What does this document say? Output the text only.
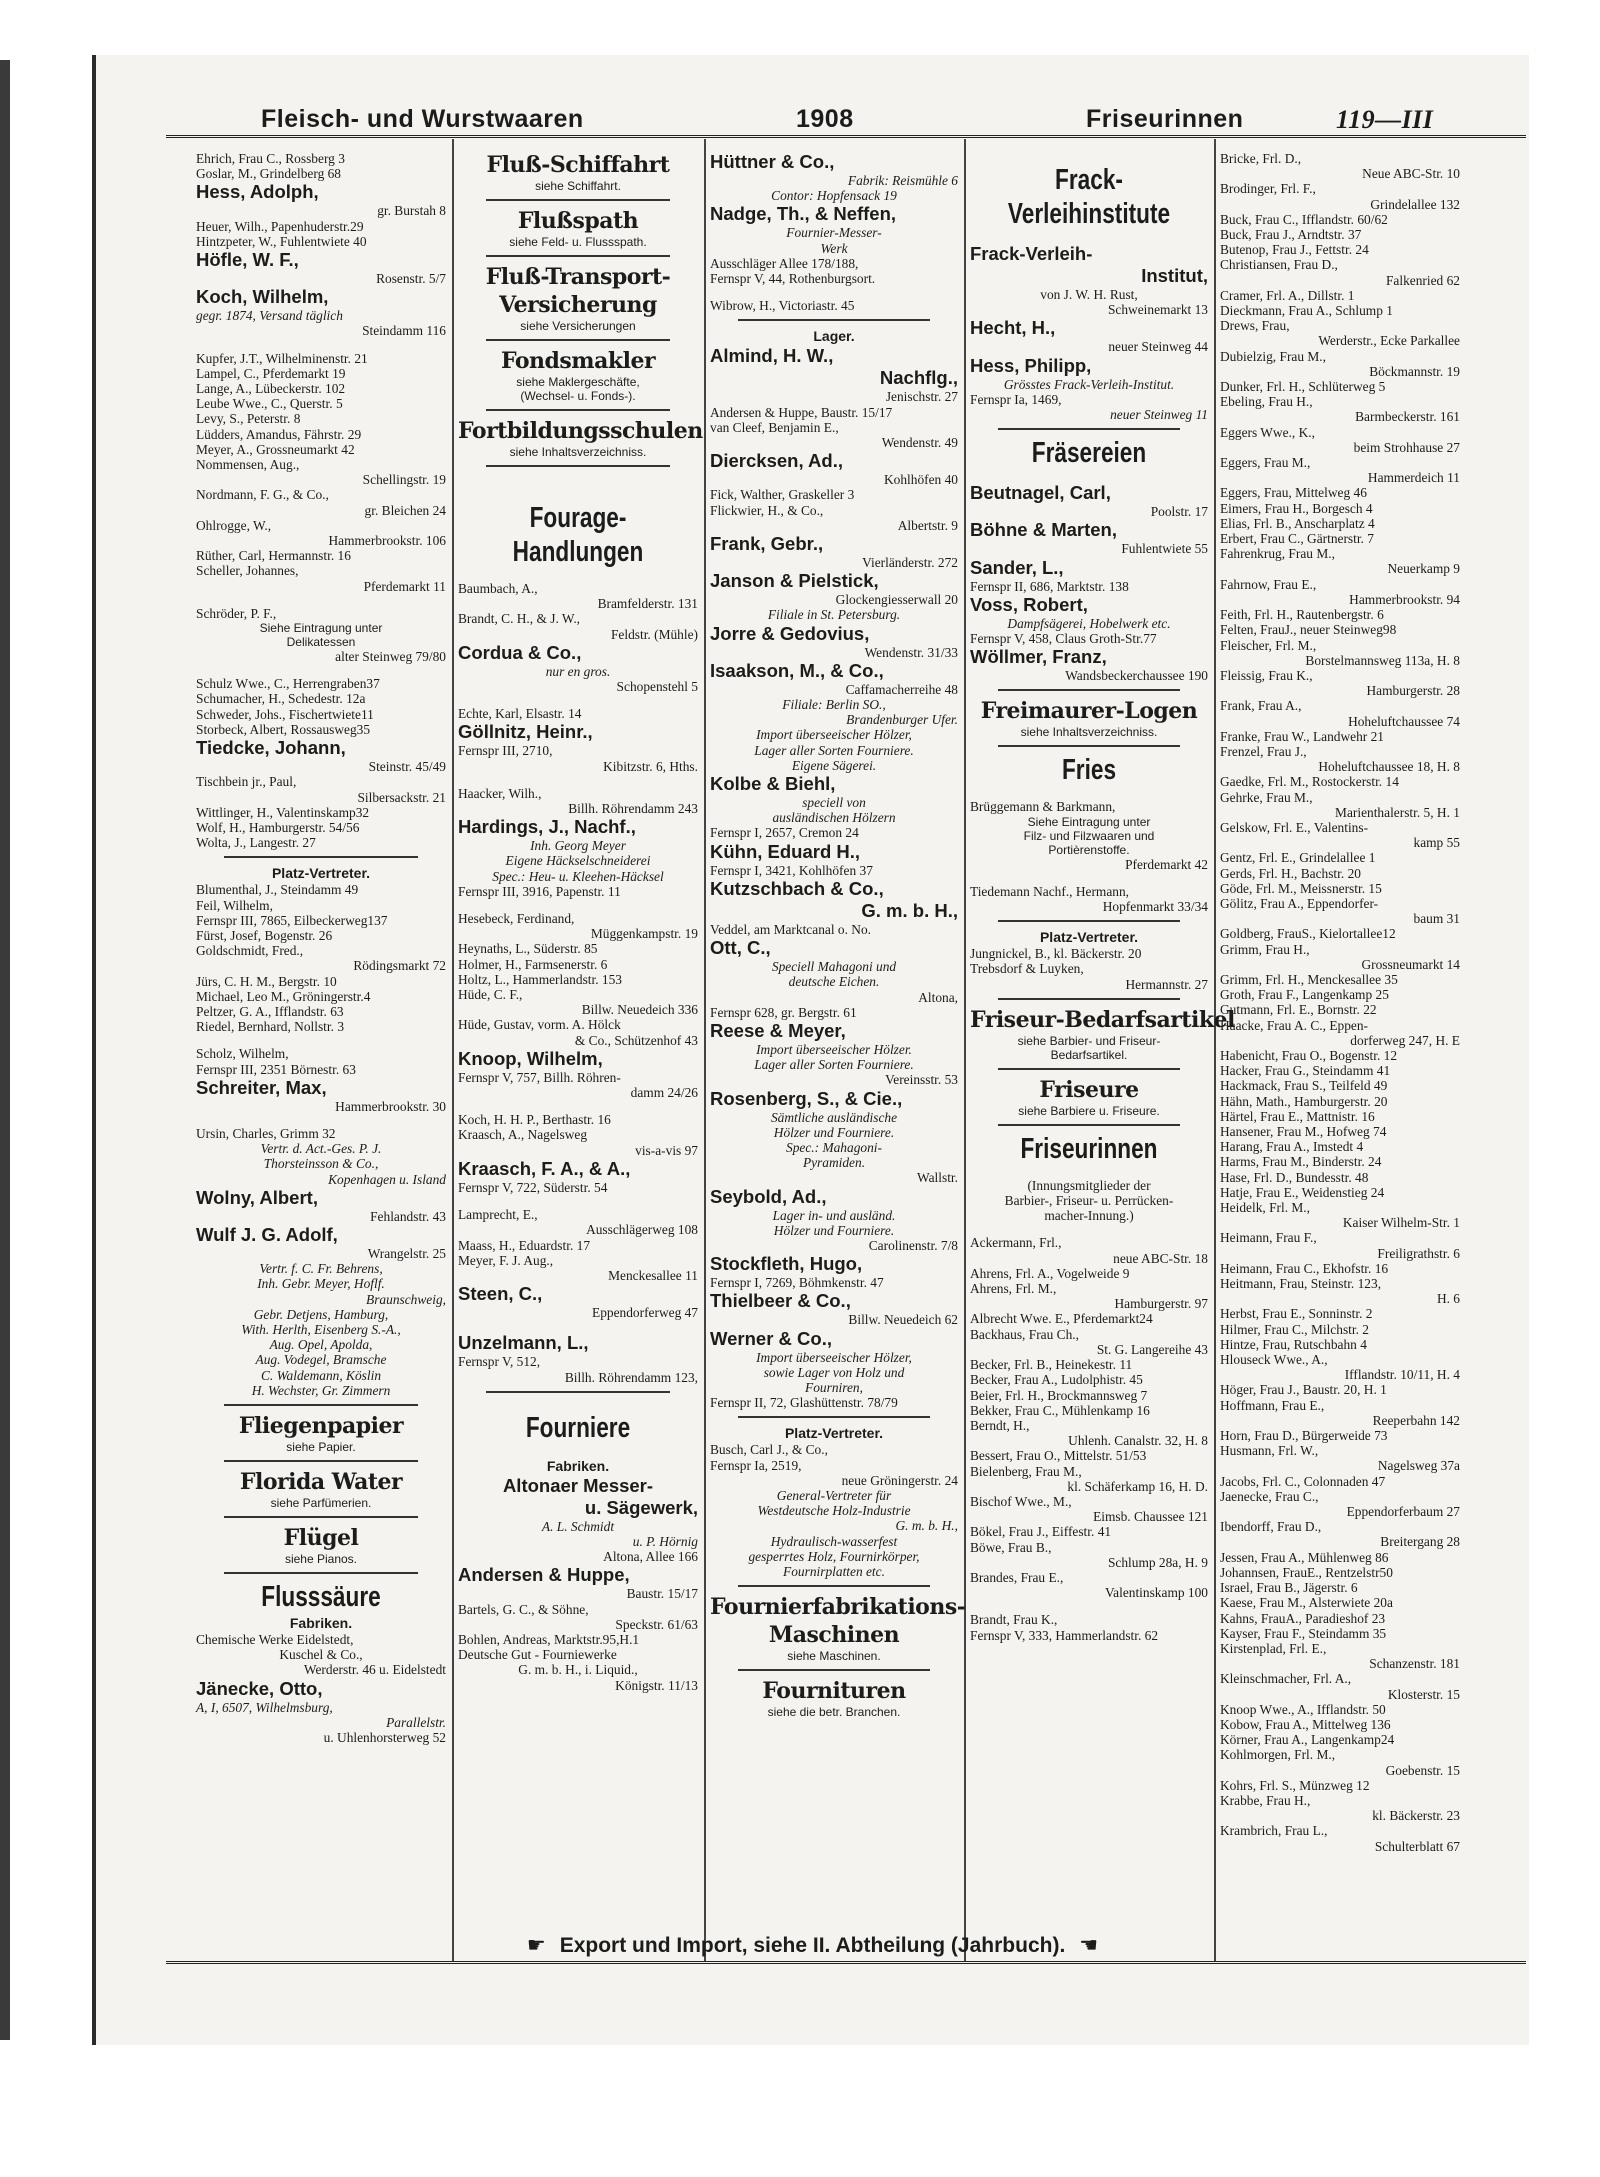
Fleisch- und Wurstwaaren	1908	Friseurinnen	119—III
Ehrich, Frau C., Rossberg 3
Goslar, M., Grindelberg 68
Hess, Adolph,
gr. Burstah 8
Heuer, Wilh., Papenhuderstr.29
Hintzpeter, W., Fuhlentwiete 40
Höfle, W. F.,
Rosenstr. 5/7
Koch, Wilhelm,
gegr. 1874, Versand täglich
Steindamm 116
Kupfer, J.T., Wilhelminenstr. 21
Lampel, C., Pferdemarkt 19
Lange, A., Lübeckerstr. 102
Leube Wwe., C., Querstr. 5
Levy, S., Peterstr. 8
Lüdders, Amandus, Fährstr. 29
Meyer, A., Grossneumarkt 42
Nommensen, Aug.,
Schellingstr. 19
Nordmann, F. G., & Co.,
gr. Bleichen 24
Ohlrogge, W.,
Hammerbrookstr. 106
Rüther, Carl, Hermannstr. 16
Scheller, Johannes,
Pferdemarkt 11
Schröder, P. F.,
Siehe Eintragung unter
Delikatessen
alter Steinweg 79/80
Schulz Wwe., C., Herrengraben37
Schumacher, H., Schedestr. 12a
Schweder, Johs., Fischertwiete11
Storbeck, Albert, Rossausweg35
Tiedcke, Johann,
Steinstr. 45/49
Tischbein jr., Paul,
Silbersackstr. 21
Wittlinger, H., Valentinskamp32
Wolf, H., Hamburgerstr. 54/56
Wolta, J., Langestr. 27
Platz-Vertreter.
Blumenthal, J., Steindamm 49
Feil, Wilhelm,
Fernspr III, 7865, Eilbeckerweg137
Fürst, Josef, Bogenstr. 26
Goldschmidt, Fred.,
Rödingsmarkt 72
Jürs, C. H. M., Bergstr. 10
Michael, Leo M., Gröningerstr.4
Peltzer, G. A., Ifflandstr. 63
Riedel, Bernhard, Nollstr. 3
Scholz, Wilhelm,
Fernspr III, 2351 Börnestr. 63
Schreiter, Max,
Hammerbrookstr. 30
Ursin, Charles, Grimm 32
Vertr. d. Act.-Ges. P. J.
Thorsteinsson & Co.,
Kopenhagen u. Island
Wolny, Albert,
Fehlandstr. 43
Wulf J. G. Adolf,
Wrangelstr. 25
Vertr. f. C. Fr. Behrens,
Inh. Gebr. Meyer, Hoflf.
Braunschweig,
Gebr. Detjens, Hamburg,
With. Herlth, Eisenberg S.-A.,
Aug. Opel, Apolda,
Aug. Vodegel, Bramsche
C. Waldemann, Köslin
H. Wechster, Gr. Zimmern
Fliegenpapier
siehe Papier.
Florida Water
siehe Parfümerien.
Flügel
siehe Pianos.
Flusssäure
Fabriken.
Chemische Werke Eidelstedt,
Kuschel & Co.,
Werderstr. 46 u. Eidelstedt
Jänecke, Otto,
A, I, 6507, Wilhelmsburg,
Parallelstr.
u. Uhlenhorsterweg 52
Fluß-Schiffahrt
siehe Schiffahrt.
Flußspath
siehe Feld- u. Flussspath.
Fluß-Transport-
Versicherung
siehe Versicherungen
Fondsmakler
siehe Maklergeschäfte,
(Wechsel- u. Fonds-).
Fortbildungsschulen
siehe Inhaltsverzeichniss.
Fourage-
Handlungen
Baumbach, A.,
Bramfelderstr. 131
Brandt, C. H., & J. W.,
Feldstr. (Mühle)
Cordua & Co.,
nur en gros.
Schopenstehl 5
Echte, Karl, Elsastr. 14
Göllnitz, Heinr.,
Fernspr III, 2710,
Kibitzstr. 6, Hths.
Haacker, Wilh.,
Billh. Röhrendamm 243
Hardings, J., Nachf.,
Inh. Georg Meyer
Eigene Häckselschneiderei
Spec.: Heu- u. Kleehen-Häcksel
Fernspr III, 3916, Papenstr. 11
Hesebeck, Ferdinand,
Müggenkampstr. 19
Heynaths, L., Süderstr. 85
Holmer, H., Farmsenerstr. 6
Holtz, L., Hammerlandstr. 153
Hüde, C. F.,
Billw. Neuedeich 336
Hüde, Gustav, vorm. A. Hölck
& Co., Schützenhof 43
Knoop, Wilhelm,
Fernspr V, 757, Billh. Röhren-
damm 24/26
Koch, H. H. P., Berthastr. 16
Kraasch, A., Nagelsweg
vis-a-vis 97
Kraasch, F. A., & A.,
Fernspr V, 722, Süderstr. 54
Lamprecht, E.,
Ausschlägerweg 108
Maass, H., Eduardstr. 17
Meyer, F. J. Aug.,
Menckesallee 11
Steen, C.,
Eppendorferweg 47
Unzelmann, L.,
Fernspr V, 512,
Billh. Röhrendamm 123,
Fourniere
Fabriken.
Altonaer Messer-
u. Sägewerk,
A. L. Schmidt
u. P. Hörnig
Altona, Allee 166
Andersen & Huppe,
Baustr. 15/17
Bartels, G. C., & Söhne,
Speckstr. 61/63
Bohlen, Andreas, Marktstr.95,H.1
Deutsche Gut - Fourniewerke
G. m. b. H., i. Liquid.,
Königstr. 11/13
Hüttner & Co.,
Fabrik: Reismühle 6
Contor: Hopfensack 19
Nadge, Th., & Neffen,
Fournier-Messer-
Werk
Ausschläger Allee 178/188,
Fernspr V, 44, Rothenburgsort.
Wibrow, H., Victoriastr. 45
Lager.
Almind, H. W.,
Nachflg.,
Jenischstr. 27
Andersen & Huppe, Baustr. 15/17
van Cleef, Benjamin E.,
Wendenstr. 49
Diercksen, Ad.,
Kohlhöfen 40
Fick, Walther, Graskeller 3
Flickwier, H., & Co.,
Albertstr. 9
Frank, Gebr.,
Vierländerstr. 272
Janson & Pielstick,
Glockengiesserwall 20
Filiale in St. Petersburg.
Jorre & Gedovius,
Wendenstr. 31/33
Isaakson, M., & Co.,
Caffamacherreihe 48
Filiale: Berlin SO.,
Brandenburger Ufer.
Import überseeischer Hölzer,
Lager aller Sorten Fourniere.
Eigene Sägerei.
Kolbe & Biehl,
speciell von
ausländischen Hölzern
Fernspr I, 2657, Cremon 24
Kühn, Eduard H.,
Fernspr I, 3421, Kohlhöfen 37
Kutzschbach & Co.,
G. m. b. H.,
Veddel, am Marktcanal o. No.
Ott, C.,
Speciell Mahagoni und
deutsche Eichen.
Altona,
Fernspr 628, gr. Bergstr. 61
Reese & Meyer,
Import überseeischer Hölzer.
Lager aller Sorten Fourniere.
Vereinsstr. 53
Rosenberg, S., & Cie.,
Sämtliche ausländische
Hölzer und Fourniere.
Spec.: Mahagoni-
Pyramiden.
Wallstr.
Seybold, Ad.,
Lager in- und ausländ.
Hölzer und Fourniere.
Carolinenstr. 7/8
Stockfleth, Hugo,
Fernspr I, 7269, Böhmkenstr. 47
Thielbeer & Co.,
Billw. Neuedeich 62
Werner & Co.,
Import überseeischer Hölzer,
sowie Lager von Holz und
Fourniren,
Fernspr II, 72, Glashüttenstr. 78/79
Platz-Vertreter.
Busch, Carl J., & Co.,
Fernspr Ia, 2519,
neue Gröningerstr. 24
General-Vertreter für
Westdeutsche Holz-Industrie
G. m. b. H.,
Hydraulisch-wasserfest
gesperrtes Holz, Fournirkörper,
Fournirplatten etc.
Fournierfabrikations-
Maschinen
siehe Maschinen.
Fournituren
siehe die betr. Branchen.
Frack-
Verleihinstitute
Frack-Verleih-
Institut,
von J. W. H. Rust,
Schweinemarkt 13
Hecht, H.,
neuer Steinweg 44
Hess, Philipp,
Grösstes Frack-Verleih-Institut.
Fernspr Ia, 1469,
neuer Steinweg 11
Fräsereien
Beutnagel, Carl,
Poolstr. 17
Böhne & Marten,
Fuhlentwiete 55
Sander, L.,
Fernspr II, 686, Marktstr. 138
Voss, Robert,
Dampfsägerei, Hobelwerk etc.
Fernspr V, 458, Claus Groth-Str.77
Wöllmer, Franz,
Wandsbeckerchaussee 190
Freimaurer-Logen
siehe Inhaltsverzeichniss.
Fries
Brüggemann & Barkmann,
Siehe Eintragung unter
Filz- und Filzwaaren und
Portièrenstoffe.
Pferdemarkt 42
Tiedemann Nachf., Hermann,
Hopfenmarkt 33/34
Platz-Vertreter.
Jungnickel, B., kl. Bäckerstr. 20
Trebsdorf & Luyken,
Hermannstr. 27
Friseur-Bedarfsartikel
siehe Barbier- und Friseur-
Bedarfsartikel.
Friseure
siehe Barbiere u. Friseure.
Friseurinnen
(Innungsmitglieder der
Barbier-, Friseur- u. Perrücken-
macher-Innung.)
Ackermann, Frl.,
neue ABC-Str. 18
Ahrens, Frl. A., Vogelweide 9
Ahrens, Frl. M.,
Hamburgerstr. 97
Albrecht Wwe. E., Pferdemarkt24
Backhaus, Frau Ch.,
St. G. Langereihe 43
Becker, Frl. B., Heinekestr. 11
Becker, Frau A., Ludolphistr. 45
Beier, Frl. H., Brockmannsweg 7
Bekker, Frau C., Mühlenkamp 16
Berndt, H.,
Uhlenh. Canalstr. 32, H. 8
Bessert, Frau O., Mittelstr. 51/53
Bielenberg, Frau M.,
kl. Schäferkamp 16, H. D.
Bischof Wwe., M.,
Eimsb. Chaussee 121
Bökel, Frau J., Eiffestr. 41
Böwe, Frau B.,
Schlump 28a, H. 9
Brandes, Frau E.,
Valentinskamp 100
Brandt, Frau K.,
Fernspr V, 333, Hammerlandstr. 62
Bricke, Frl. D.,
Neue ABC-Str. 10
Brodinger, Frl. F.,
Grindelallee 132
Buck, Frau C., Ifflandstr. 60/62
Buck, Frau J., Arndtstr. 37
Butenop, Frau J., Fettstr. 24
Christiansen, Frau D.,
Falkenried 62
Cramer, Frl. A., Dillstr. 1
Dieckmann, Frau A., Schlump 1
Drews, Frau,
Werderstr., Ecke Parkallee
Dubielzig, Frau M.,
Böckmannstr. 19
Dunker, Frl. H., Schlüterweg 5
Ebeling, Frau H.,
Barmbeckerstr. 161
Eggers Wwe., K.,
beim Strohhause 27
Eggers, Frau M.,
Hammerdeich 11
Eggers, Frau, Mittelweg 46
Eimers, Frau H., Borgesch 4
Elias, Frl. B., Anscharplatz 4
Erbert, Frau C., Gärtnerstr. 7
Fahrenkrug, Frau M.,
Neuerkamp 9
Fahrnow, Frau E.,
Hammerbrookstr. 94
Feith, Frl. H., Rautenbergstr. 6
Felten, FrauJ., neuer Steinweg98
Fleischer, Frl. M.,
Borstelmannsweg 113a, H. 8
Fleissig, Frau K.,
Hamburgerstr. 28
Frank, Frau A.,
Hoheluftchaussee 74
Franke, Frau W., Landwehr 21
Frenzel, Frau J.,
Hoheluftchaussee 18, H. 8
Gaedke, Frl. M., Rostockerstr. 14
Gehrke, Frau M.,
Marienthalerstr. 5, H. 1
Gelskow, Frl. E., Valentins-
kamp 55
Gentz, Frl. E., Grindelallee 1
Gerds, Frl. H., Bachstr. 20
Göde, Frl. M., Meissnerstr. 15
Gölitz, Frau A., Eppendorfer-
baum 31
Goldberg, FrauS., Kielortallee12
Grimm, Frau H.,
Grossneumarkt 14
Grimm, Frl. H., Menckesallee 35
Groth, Frau F., Langenkamp 25
Gutmann, Frl. E., Bornstr. 22
Haacke, Frau A. C., Eppen-
dorferweg 247, H. E
Habenicht, Frau O., Bogenstr. 12
Hacker, Frau G., Steindamm 41
Hackmack, Frau S., Teilfeld 49
Hähn, Math., Hamburgerstr. 20
Härtel, Frau E., Mattnistr. 16
Hansener, Frau M., Hofweg 74
Harang, Frau A., Imstedt 4
Harms, Frau M., Binderstr. 24
Hase, Frl. D., Bundesstr. 48
Hatje, Frau E., Weidenstieg 24
Heidelk, Frl. M.,
Kaiser Wilhelm-Str. 1
Heimann, Frau F.,
Freiligrathstr. 6
Heimann, Frau C., Ekhofstr. 16
Heitmann, Frau, Steinstr. 123,
H. 6
Herbst, Frau E., Sonninstr. 2
Hilmer, Frau C., Milchstr. 2
Hintze, Frau, Rutschbahn 4
Hlouseck Wwe., A.,
Ifflandstr. 10/11, H. 4
Höger, Frau J., Baustr. 20, H. 1
Hoffmann, Frau E.,
Reeperbahn 142
Horn, Frau D., Bürgerweide 73
Husmann, Frl. W.,
Nagelsweg 37a
Jacobs, Frl. C., Colonnaden 47
Jaenecke, Frau C.,
Eppendorferbaum 27
Ibendorff, Frau D.,
Breitergang 28
Jessen, Frau A., Mühlenweg 86
Johannsen, FrauE., Rentzelstr50
Israel, Frau B., Jägerstr. 6
Kaese, Frau M., Alsterwiete 20a
Kahns, FrauA., Paradieshof 23
Kayser, Frau F., Steindamm 35
Kirstenplad, Frl. E.,
Schanzenstr. 181
Kleinschmacher, Frl. A.,
Klosterstr. 15
Knoop Wwe., A., Ifflandstr. 50
Kobow, Frau A., Mittelweg 136
Körner, Frau A., Langenkamp24
Kohlmorgen, Frl. M.,
Goebenstr. 15
Kohrs, Frl. S., Münzweg 12
Krabbe, Frau H.,
kl. Bäckerstr. 23
Krambrich, Frau L.,
Schulterblatt 67
☛ Export und Import, siehe II. Abtheilung (Jahrbuch). ☚
